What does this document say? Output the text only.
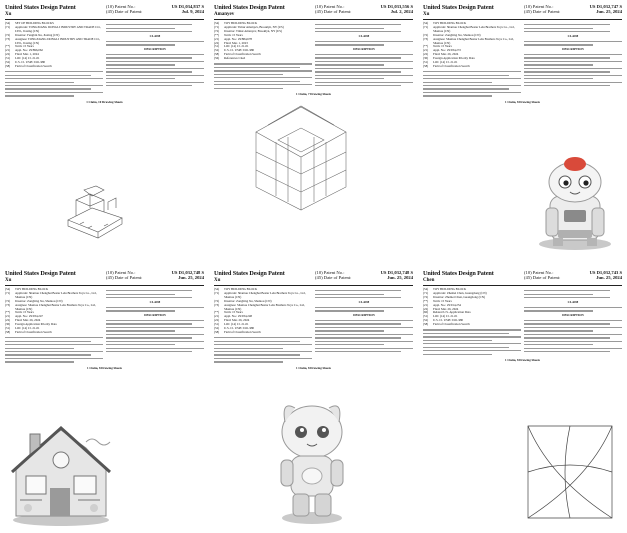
United States Design Patent
Xu
(10) Patent No.:	US D1,034,837 S
(45) Date of Patent:	Jul. 9, 2024
(54)	SET OF BUILDING BLOCKS
(71)	Applicant: TONGXIANG DONGLI INDUSTRY AND TRADE CO., LTD., Jiaxing (CN)
(72)	Inventor: Fengbin Xu, Jiaxing (CN)
(73)	Assignee: TONGXIANG DONGLI INDUSTRY AND TRADE CO., LTD., Jiaxing (CN)
(**)	Term: 15 Years
(21)	Appl. No.: 29/896,062
(22)	Filed: Mar. 1, 2024
(51)	LOC (14) Cl. 21-01
(52)	U.S. Cl. USPC D21/480
(58)	Field of Classification Search
CLAIM
DESCRIPTION
1 Claim, 10 Drawing Sheets
United States Design Patent
Amanyev
(10) Patent No.:	US D1,033,556 S
(45) Date of Patent:	Jul. 2, 2024
(54)	TOY BUILDING BLOCK
(71)	Applicant: Timur Amanyev, Brooklyn, NY (US)
(72)	Inventor: Timur Amanyev, Brooklyn, NY (US)
(**)	Term: 15 Years
(21)	Appl. No.: 29/884,678
(22)	Filed: Mar. 1, 2023
(51)	LOC (14) Cl. 21-01
(52)	U.S. Cl. USPC D21/480
(58)	Field of Classification Search
(56)	References Cited
CLAIM
DESCRIPTION
1 Claim, 7 Drawing Sheets
United States Design Patent
Xu
(10) Patent No.:	US D1,032,747 S
(45) Date of Patent:	Jun. 25, 2024
(54)	TOY BUILDING BLOCK
(71)	Applicant: Shantou Chenghai Bestar Lelu Brothers Toys Co., Ltd, Shantou (CN)
(72)	Inventor: Zongbing Xu, Shantou (CN)
(73)	Assignee: Shantou Chenghai Bestar Lelu Brothers Toys Co., Ltd, Shantou (CN)
(**)	Term: 15 Years
(21)	Appl. No.: 29/934,272
(22)	Filed: Mar. 26, 2024
(30)	Foreign Application Priority Data
(51)	LOC (14) Cl. 21-01
(58)	Field of Classification Search
CLAIM
DESCRIPTION
1 Claim, 8 Drawing Sheets
United States Design Patent
Xu
(10) Patent No.:	US D1,032,748 S
(45) Date of Patent:	Jun. 25, 2024
(54)	TOY BUILDING BLOCK
(71)	Applicant: Shantou Chenghai Bestar Lelu Brothers Toys Co., Ltd, Shantou (CN)
(72)	Inventor: Zongbing Xu, Shantou (CN)
(73)	Assignee: Shantou Chenghai Bestar Lelu Brothers Toys Co., Ltd, Shantou (CN)
(**)	Term: 15 Years
(21)	Appl. No.: 29/934,247
(22)	Filed: Mar. 26, 2024
(30)	Foreign Application Priority Data
(51)	LOC (14) Cl. 21-01
(58)	Field of Classification Search
CLAIM
DESCRIPTION
1 Claim, 8 Drawing Sheets
United States Design Patent
Xu
(10) Patent No.:	US D1,032,748 S
(45) Date of Patent:	Jun. 25, 2024
(54)	TOY BUILDING BLOCK
(71)	Applicant: Shantou Chenghai Bestar Lelu Brothers Toys Co., Ltd, Shantou (CN)
(72)	Inventor: Zongbing Xu, Shantou (CN)
(73)	Assignee: Shantou Chenghai Bestar Lelu Brothers Toys Co., Ltd, Shantou (CN)
(**)	Term: 15 Years
(21)	Appl. No.: 29/934,248
(22)	Filed: Mar. 26, 2024
(51)	LOC (14) Cl. 21-01
(52)	U.S. Cl. USPC D21/480
(58)	Field of Classification Search
CLAIM
DESCRIPTION
1 Claim, 8 Drawing Sheets
United States Design Patent
Chen
(10) Patent No.:	US D1,032,743 S
(45) Date of Patent:	Jun. 25, 2024
(54)	TOY BUILDING BLOCK
(71)	Applicant: Zhemei Chen, Guangdong (CN)
(72)	Inventor: Zhemei Chen, Guangdong (CN)
(**)	Term: 15 Years
(21)	Appl. No.: 29/914,254
(22)	Filed: Mar. 26, 2024
(60)	Related U.S. Application Data
(51)	LOC (14) Cl. 21-01
(52)	U.S. Cl. USPC D21/480
(58)	Field of Classification Search
CLAIM
DESCRIPTION
1 Claim, 8 Drawing Sheets
